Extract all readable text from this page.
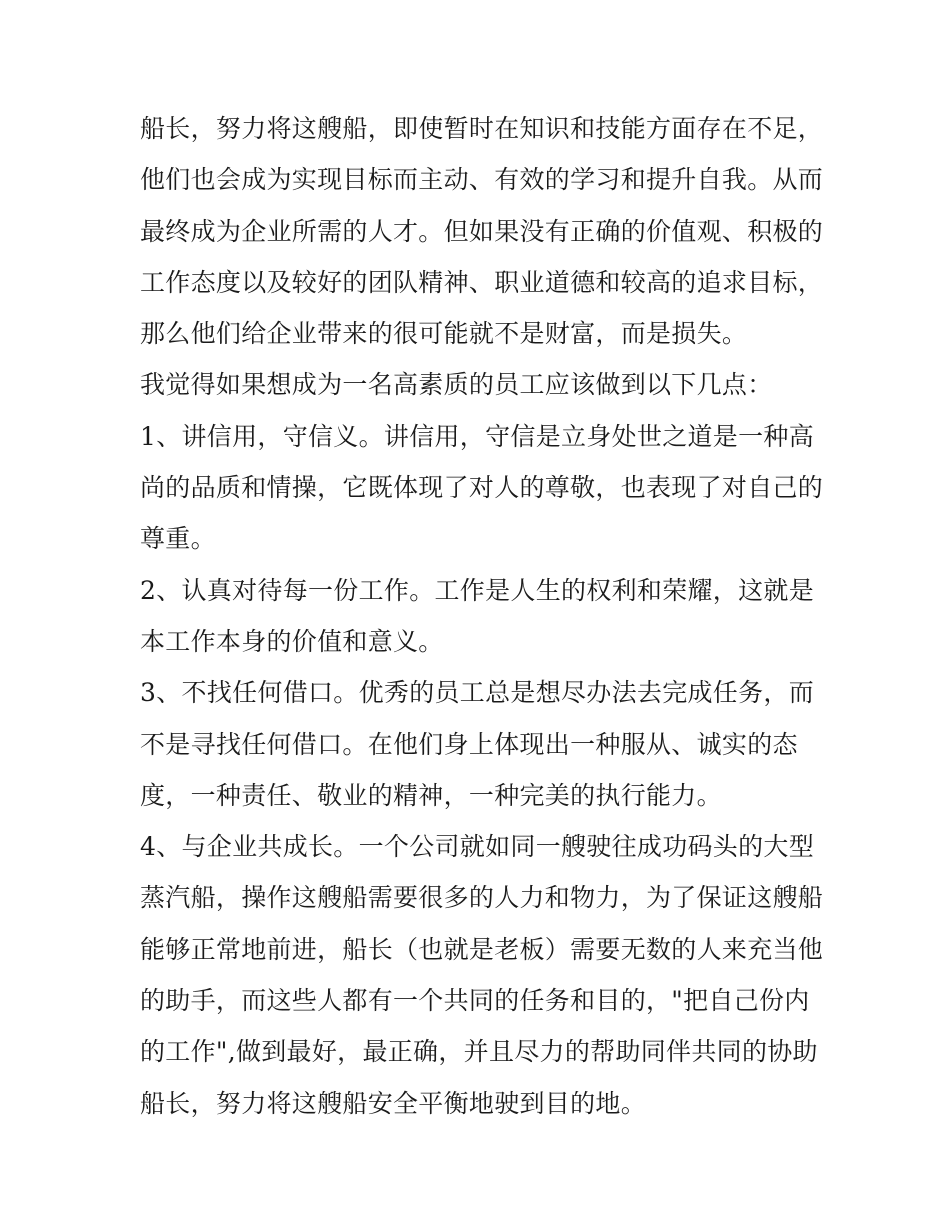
船长，努力将这艘船，即使暂时在知识和技能方面存在不足，
他们也会成为实现目标而主动、有效的学习和提升自我。从而
最终成为企业所需的人才。但如果没有正确的价值观、积极的
工作态度以及较好的团队精神、职业道德和较高的追求目标，
那么他们给企业带来的很可能就不是财富，而是损失。
我觉得如果想成为一名高素质的员工应该做到以下几点：
1、讲信用，守信义。讲信用，守信是立身处世之道是一种高
尚的品质和情操，它既体现了对人的尊敬，也表现了对自己的
尊重。
2、认真对待每一份工作。工作是人生的权利和荣耀，这就是
本工作本身的价值和意义。
3、不找任何借口。优秀的员工总是想尽办法去完成任务，而
不是寻找任何借口。在他们身上体现出一种服从、诚实的态
度，一种责任、敬业的精神，一种完美的执行能力。
4、与企业共成长。一个公司就如同一艘驶往成功码头的大型
蒸汽船，操作这艘船需要很多的人力和物力，为了保证这艘船
能够正常地前进，船长（也就是老板）需要无数的人来充当他
的助手，而这些人都有一个共同的任务和目的，"把自己份内
的工作",做到最好，最正确，并且尽力的帮助同伴共同的协助
船长，努力将这艘船安全平衡地驶到目的地。
